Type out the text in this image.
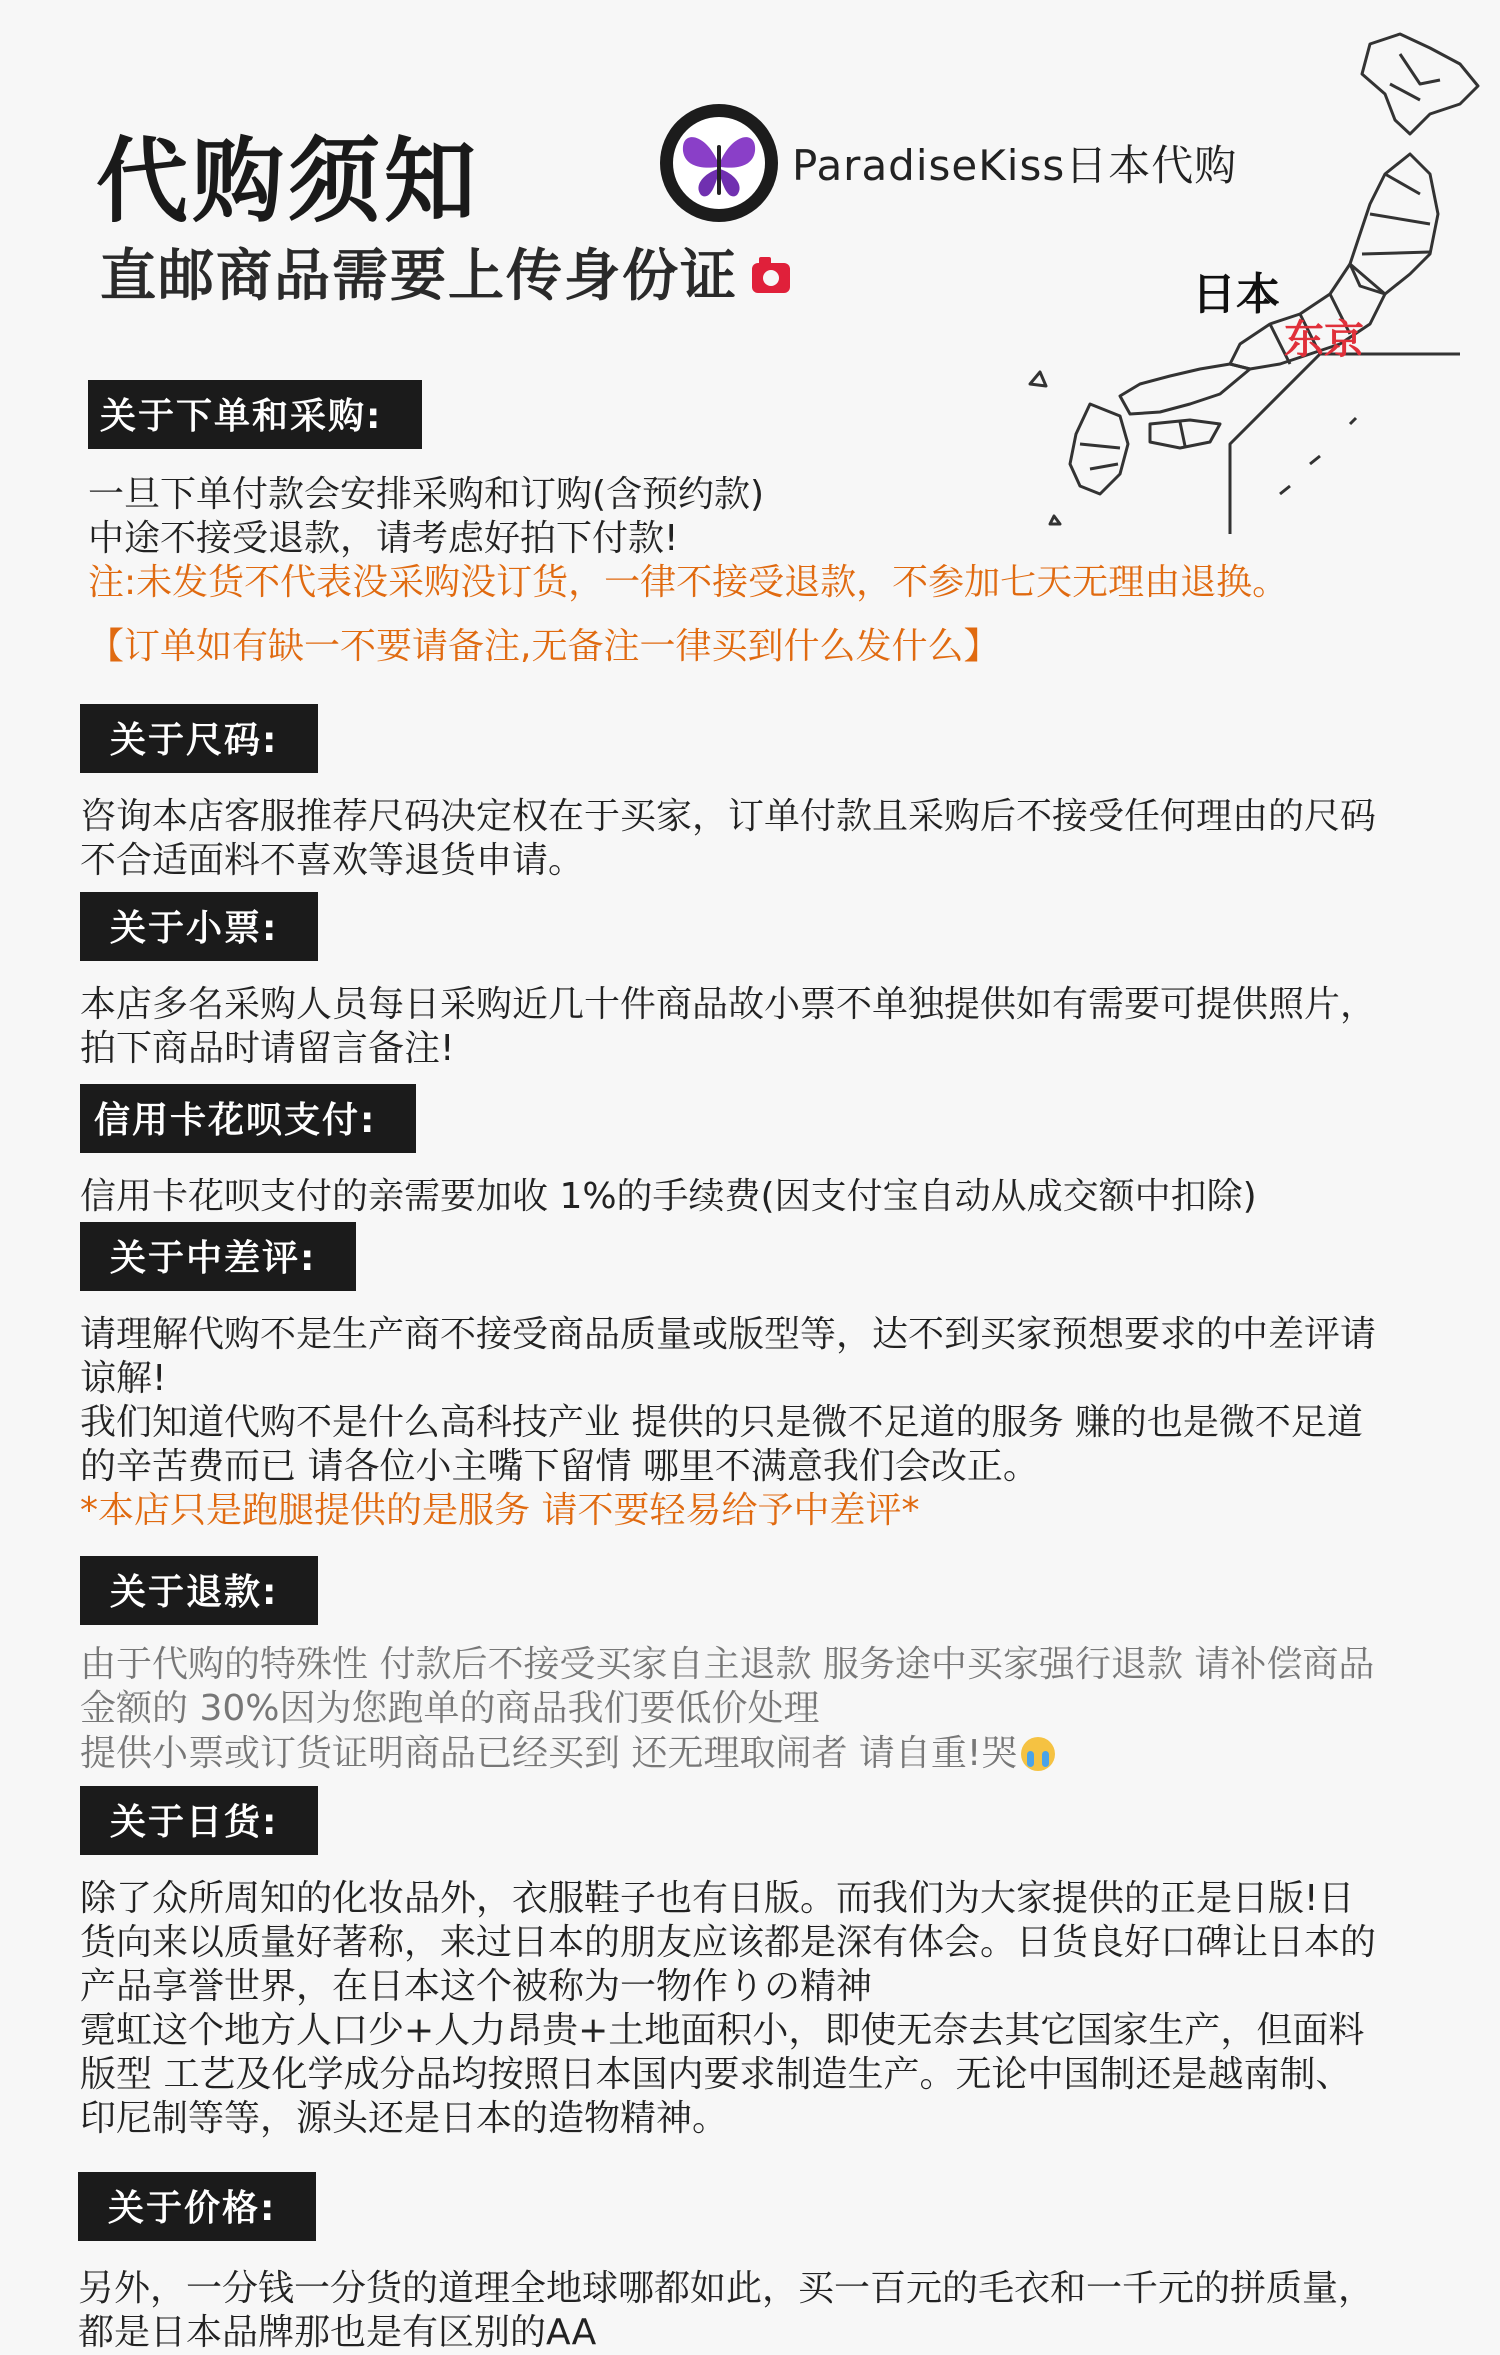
代购须知
直邮商品需要上传身份证
ParadiseKiss日本代购
日本
东京
关于下单和采购:

一旦下单付款会安排采购和订购(含预约款)

中途不接受退款，请考虑好拍下付款!

注:未发货不代表没采购没订货，一律不接受退款，不参加七天无理由退换。

【订单如有缺一不要请备注,无备注一律买到什么发什么】

关于尺码:

咨询本店客服推荐尺码决定权在于买家，订单付款且采购后不接受任何理由的尺码

不合适面料不喜欢等退货申请。

关于小票:

本店多名采购人员每日采购近几十件商品故小票不单独提供如有需要可提供照片，

拍下商品时请留言备注!

信用卡花呗支付:

信用卡花呗支付的亲需要加收 1%的手续费(因支付宝自动从成交额中扣除)

关于中差评:

请理解代购不是生产商不接受商品质量或版型等，达不到买家预想要求的中差评请

谅解!

我们知道代购不是什么高科技产业 提供的只是微不足道的服务 赚的也是微不足道

的辛苦费而已 请各位小主嘴下留情 哪里不满意我们会改正。

*本店只是跑腿提供的是服务 请不要轻易给予中差评*

关于退款:

由于代购的特殊性 付款后不接受买家自主退款 服务途中买家强行退款 请补偿商品

金额的 30%因为您跑单的商品我们要低价处理

提供小票或订货证明商品已经买到 还无理取闹者 请自重!哭

关于日货:

除了众所周知的化妆品外，衣服鞋子也有日版。而我们为大家提供的正是日版!日

货向来以质量好著称，来过日本的朋友应该都是深有体会。日货良好口碑让日本的

产品享誉世界，在日本这个被称为一物作りの精神

霓虹这个地方人口少+人力昂贵+土地面积小，即使无奈去其它国家生产，但面料

版型 工艺及化学成分品均按照日本国内要求制造生产。无论中国制还是越南制、

印尼制等等，源头还是日本的造物精神。

关于价格:

另外，一分钱一分货的道理全地球哪都如此，买一百元的毛衣和一千元的拼质量，

都是日本品牌那也是有区别的AA
